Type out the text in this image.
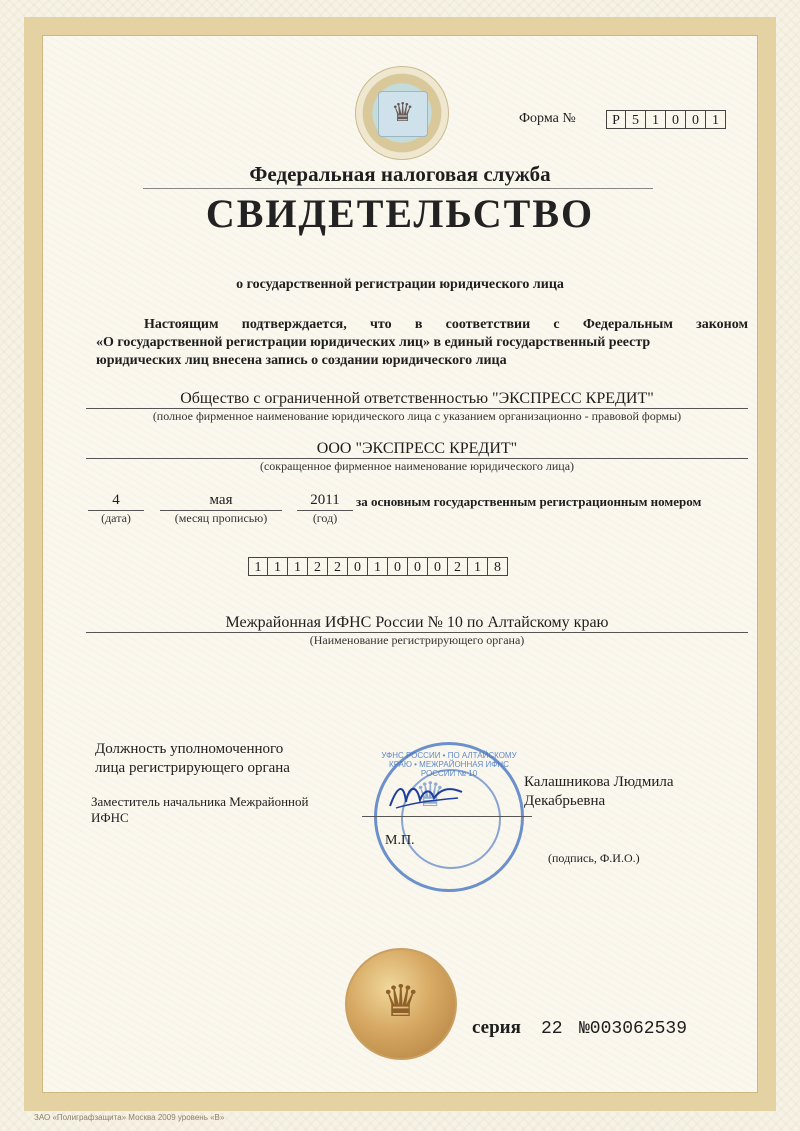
♛	Форма №	Р 5 1 0 0 1
Федеральная налоговая служба
СВИДЕТЕЛЬСТВО
о государственной регистрации юридического лица
Настоящим подтверждается, что в соответствии с Федеральным законом
«О государственной регистрации юридических лиц» в единый государственный реестр
юридических лиц внесена запись о создании юридического лица
Общество с ограниченной ответственностью "ЭКСПРЕСС КРЕДИТ"
(полное фирменное наименование юридического лица с указанием организационно - правовой формы)
ООО "ЭКСПРЕСС КРЕДИТ"
(сокращенное фирменное наименование юридического лица)
4
(дата)
мая
(месяц прописью)
2011
(год)
за основным государственным регистрационным номером
1 1 1 2 2 0 1 0 0 0 2 1 8
Межрайонная ИФНС России № 10 по Алтайскому краю
(Наименование регистрирующего органа)
Должность уполномоченного
лица регистрирующего органа
Заместитель начальника Межрайонной
ИФНС
УФНС РОССИИ • ПО АЛТАЙСКОМУ КРАЮ • МЕЖРАЙОННАЯ ИФНС РОССИИ № 10
♛
М.П.
Калашникова Людмила
Декабрьевна
(подпись, Ф.И.О.)
♛
серия 22 №003062539
ЗАО «Полиграфзащита» Москва 2009 уровень «В»
